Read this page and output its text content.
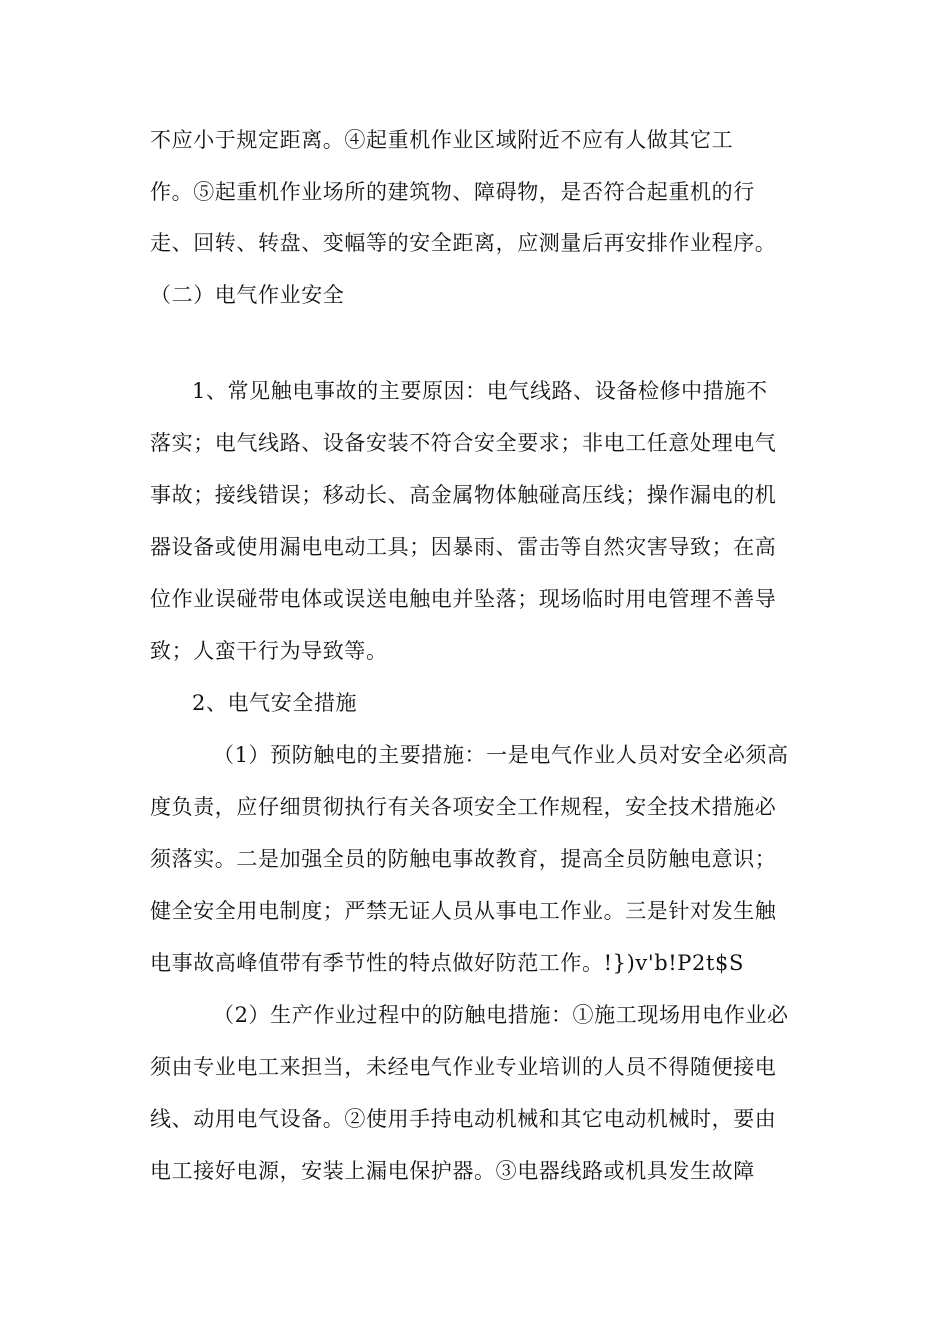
不应小于规定距离。④起重机作业区域附近不应有人做其它工
作。⑤起重机作业场所的建筑物、障碍物，是否符合起重机的行
走、回转、转盘、变幅等的安全距离，应测量后再安排作业程序。
（二）电气作业安全
1、常见触电事故的主要原因：电气线路、设备检修中措施不
落实；电气线路、设备安装不符合安全要求；非电工任意处理电气
事故；接线错误；移动长、高金属物体触碰高压线；操作漏电的机
器设备或使用漏电电动工具；因暴雨、雷击等自然灾害导致；在高
位作业误碰带电体或误送电触电并坠落；现场临时用电管理不善导
致；人蛮干行为导致等。
2、电气安全措施
（1）预防触电的主要措施：一是电气作业人员对安全必须高
度负责，应仔细贯彻执行有关各项安全工作规程，安全技术措施必
须落实。二是加强全员的防触电事故教育，提高全员防触电意识；
健全安全用电制度；严禁无证人员从事电工作业。三是针对发生触
电事故高峰值带有季节性的特点做好防范工作。!})v'b!P2t$S
（2）生产作业过程中的防触电措施：①施工现场用电作业必
须由专业电工来担当，未经电气作业专业培训的人员不得随便接电
线、动用电气设备。②使用手持电动机械和其它电动机械时，要由
电工接好电源，安装上漏电保护器。③电器线路或机具发生故障
